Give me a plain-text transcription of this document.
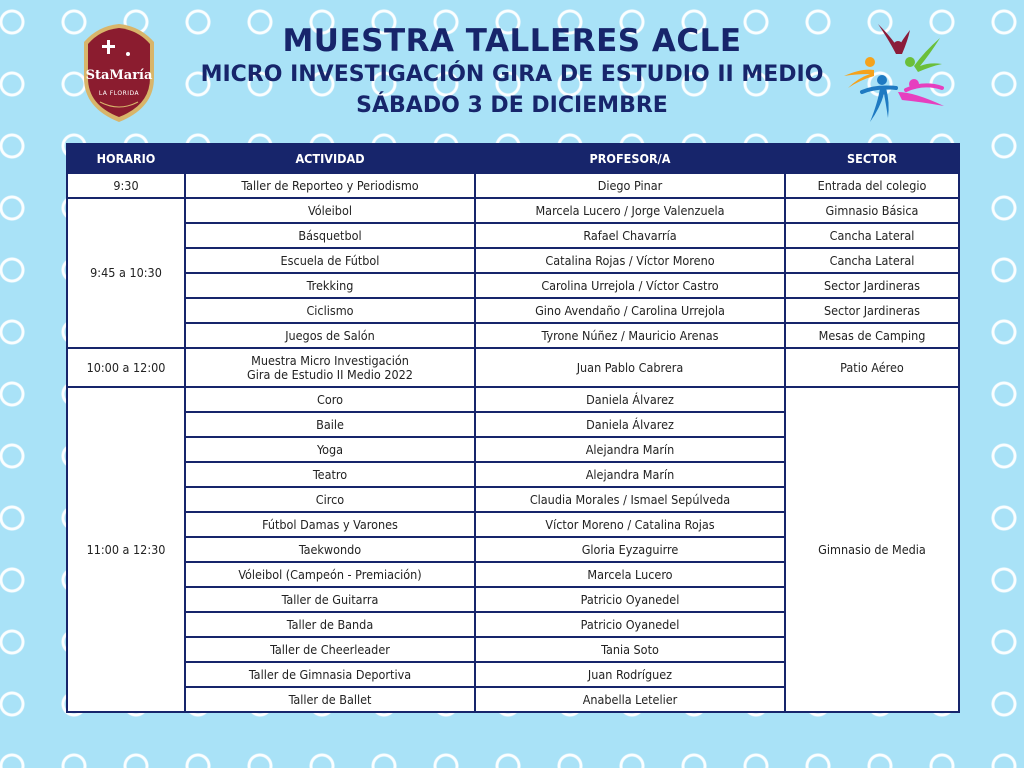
StaMaría
LA FLORIDA
MUESTRA TALLERES ACLE
MICRO INVESTIGACIÓN GIRA DE ESTUDIO II MEDIO
SÁBADO 3 DE DICIEMBRE
HORARIO	ACTIVIDAD	PROFESOR/A	SECTOR
9:30	Taller de Reporteo y Periodismo	Diego Pinar	Entrada del colegio
9:45 a 10:30	Vóleibol	Marcela Lucero / Jorge Valenzuela	Gimnasio Básica
	Básquetbol	Rafael Chavarría	Cancha Lateral
	Escuela de Fútbol	Catalina Rojas / Víctor Moreno	Cancha Lateral
	Trekking	Carolina Urrejola / Víctor Castro	Sector Jardineras
	Ciclismo	Gino Avendaño / Carolina Urrejola	Sector Jardineras
	Juegos de Salón	Tyrone Núñez / Mauricio Arenas	Mesas de Camping
10:00 a 12:00	Muestra Micro Investigación
Gira de Estudio II Medio 2022	Juan Pablo Cabrera	Patio Aéreo
11:00 a 12:30	Coro	Daniela Álvarez	Gimnasio de Media
	Baile	Daniela Álvarez	
	Yoga	Alejandra Marín	
	Teatro	Alejandra Marín	
	Circo	Claudia Morales / Ismael Sepúlveda	
	Fútbol Damas y Varones	Víctor Moreno / Catalina Rojas	
	Taekwondo	Gloria Eyzaguirre	
	Vóleibol (Campeón - Premiación)	Marcela Lucero	
	Taller de Guitarra	Patricio Oyanedel	
	Taller de Banda	Patricio Oyanedel	
	Taller de Cheerleader	Tania Soto	
	Taller de Gimnasia Deportiva	Juan Rodríguez	
	Taller de Ballet	Anabella Letelier	
